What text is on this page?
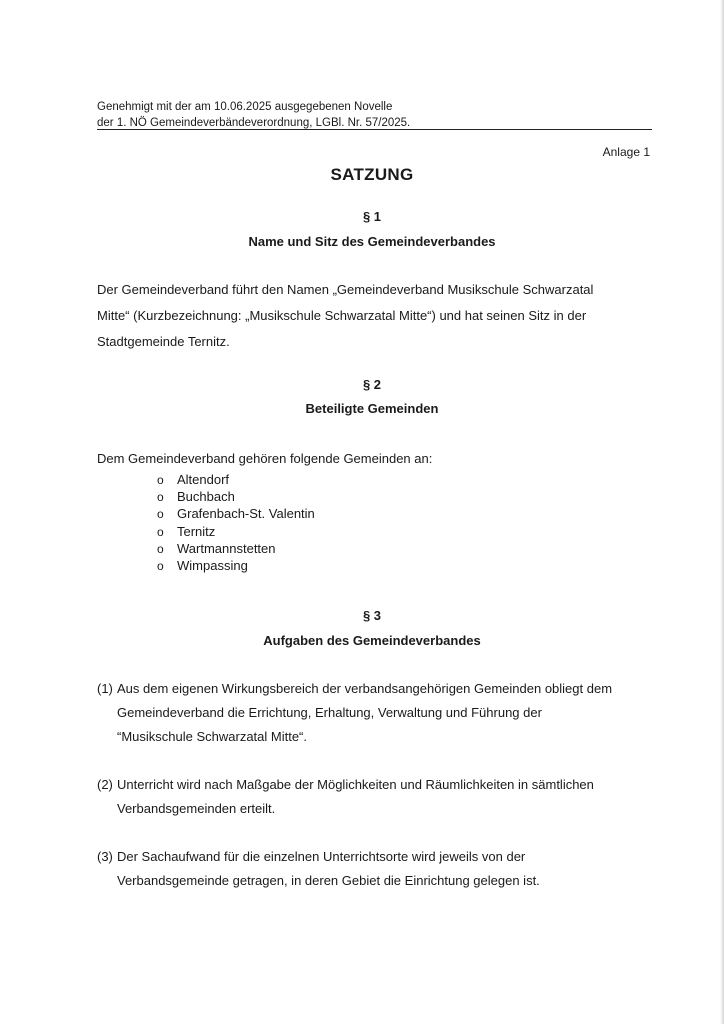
Genehmigt mit der am 10.06.2025 ausgegebenen Novelle
der 1. NÖ Gemeindeverbändeverordnung, LGBl. Nr. 57/2025.
Anlage 1
SATZUNG
§ 1
Name und Sitz des Gemeindeverbandes
Der Gemeindeverband führt den Namen „Gemeindeverband Musikschule Schwarzatal
Mitte“ (Kurzbezeichnung: „Musikschule Schwarzatal Mitte“) und hat seinen Sitz in der
Stadtgemeinde Ternitz.
§ 2
Beteiligte Gemeinden
Dem Gemeindeverband gehören folgende Gemeinden an:
o Altendorf
o Buchbach
o Grafenbach-St. Valentin
o Ternitz
o Wartmannstetten
o Wimpassing
§ 3
Aufgaben des Gemeindeverbandes
(1) Aus dem eigenen Wirkungsbereich der verbandsangehörigen Gemeinden obliegt dem
Gemeindeverband die Errichtung, Erhaltung, Verwaltung und Führung der
“Musikschule Schwarzatal Mitte“.
(2) Unterricht wird nach Maßgabe der Möglichkeiten und Räumlichkeiten in sämtlichen
Verbandsgemeinden erteilt.
(3) Der Sachaufwand für die einzelnen Unterrichtsorte wird jeweils von der
Verbandsgemeinde getragen, in deren Gebiet die Einrichtung gelegen ist.
